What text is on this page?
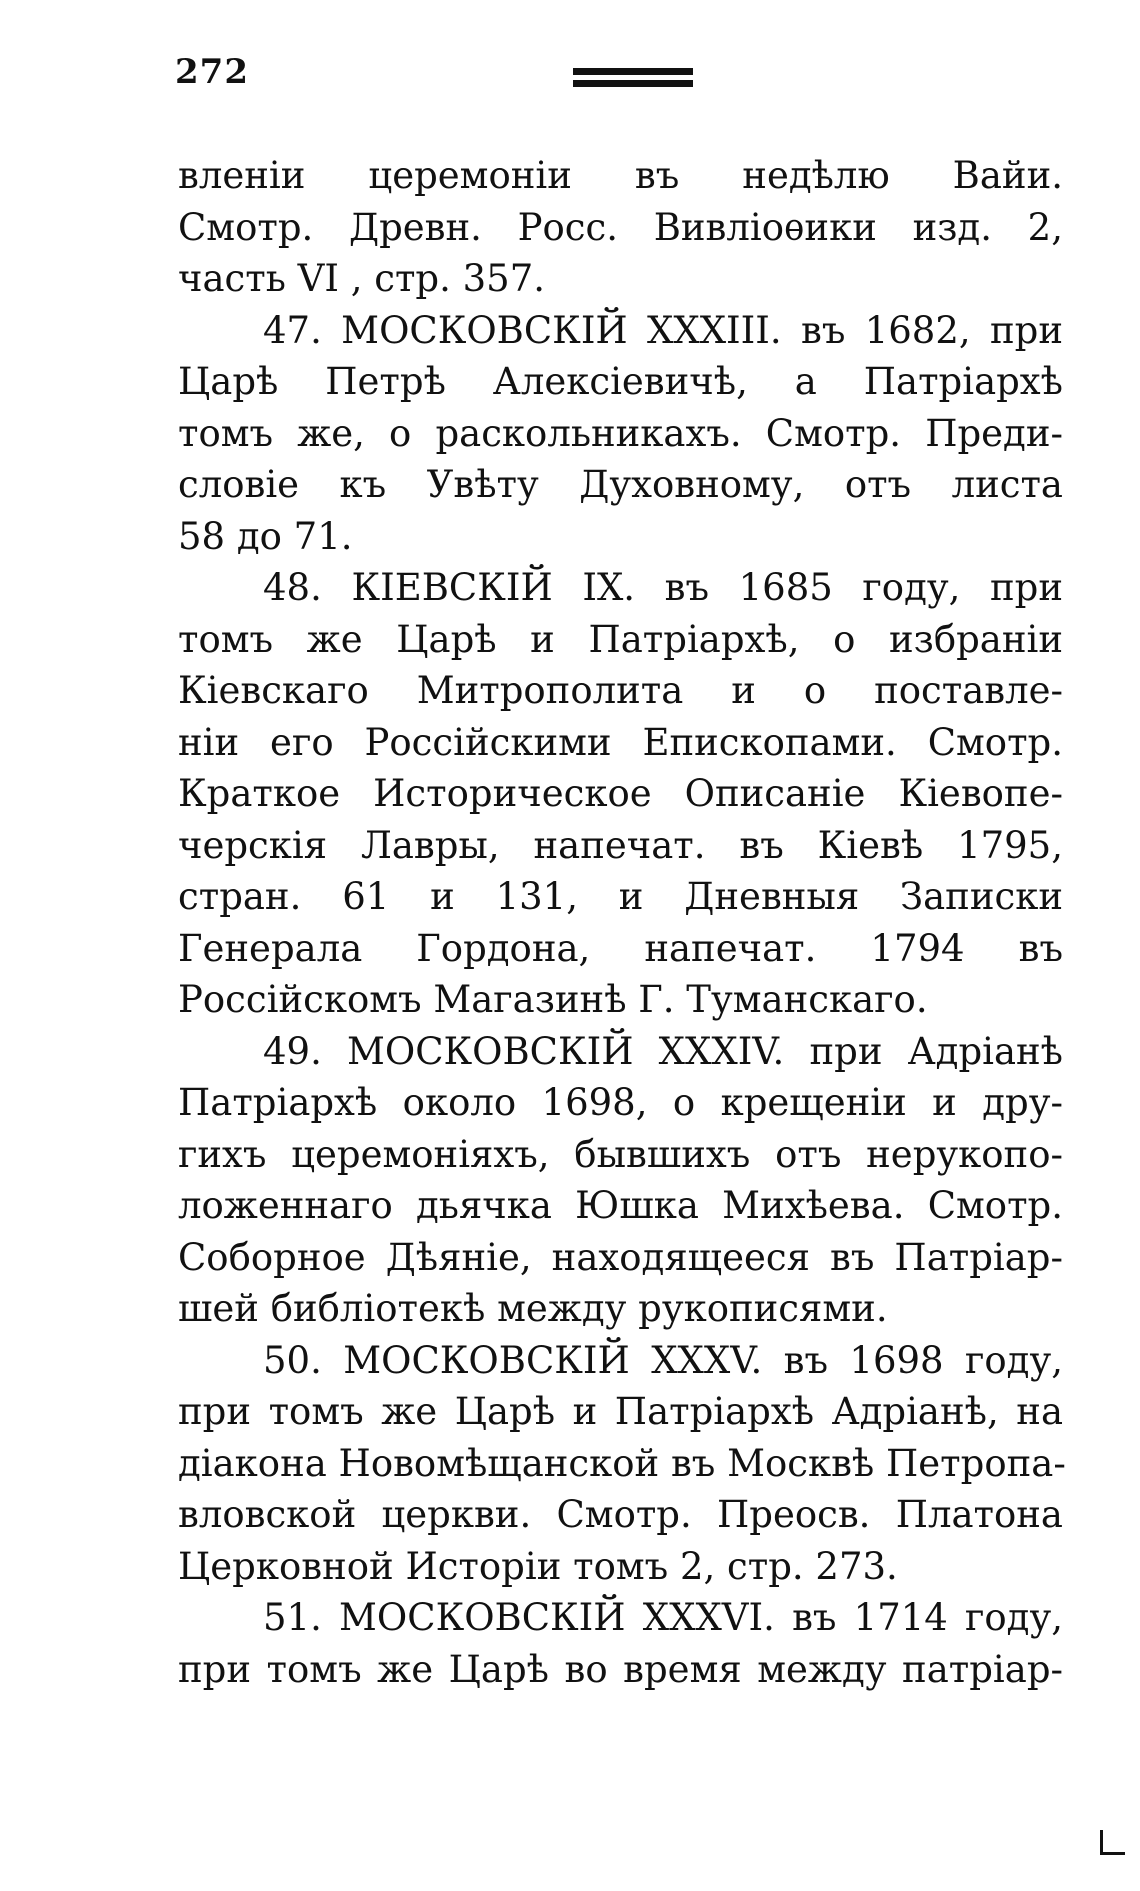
272
вленіи церемоніи въ недѣлю Вайи.
Смотр. Древн. Росс. Вивліоѳики изд. 2,
часть VI , стр. 357.
47. МОСКОВСКІЙ XXXIII. въ 1682, при
Царѣ Петрѣ Алексіевичѣ, а Патріархѣ
томъ же, о раскольникахъ. Смотр. Преди-
словіе къ Увѣту Духовному, отъ листа
58 до 71.
48. КІЕВСКІЙ IX. въ 1685 году, при
томъ же Царѣ и Патріархѣ, о избраніи
Кіевскаго Митрополита и о поставле-
ніи его Россійскими Епископами. Смотр.
Краткое Историческое Описаніе Кіевопе-
черскія Лавры, напечат. въ Кіевѣ 1795,
стран. 61 и 131, и Дневныя Записки
Генерала Гордона, напечат. 1794 въ
Россійскомъ Магазинѣ Г. Туманскаго.
49. МОСКОВСКІЙ XXXIV. при Адріанѣ
Патріархѣ около 1698, о крещеніи и дру-
гихъ церемоніяхъ, бывшихъ отъ нерукопо-
ложеннаго дьячка Юшка Михѣева. Смотр.
Соборное Дѣяніе, находящееся въ Патріар-
шей библіотекѣ между рукописями.
50. МОСКОВСКІЙ XXXV. въ 1698 году,
при томъ же Царѣ и Патріархѣ Адріанѣ, на
діакона Новомѣщанской въ Москвѣ Петропа-
вловской церкви. Смотр. Преосв. Платона
Церковной Исторіи томъ 2, стр. 273.
51. МОСКОВСКІЙ XXXVI. въ 1714 году,
при томъ же Царѣ во время между патріар-
